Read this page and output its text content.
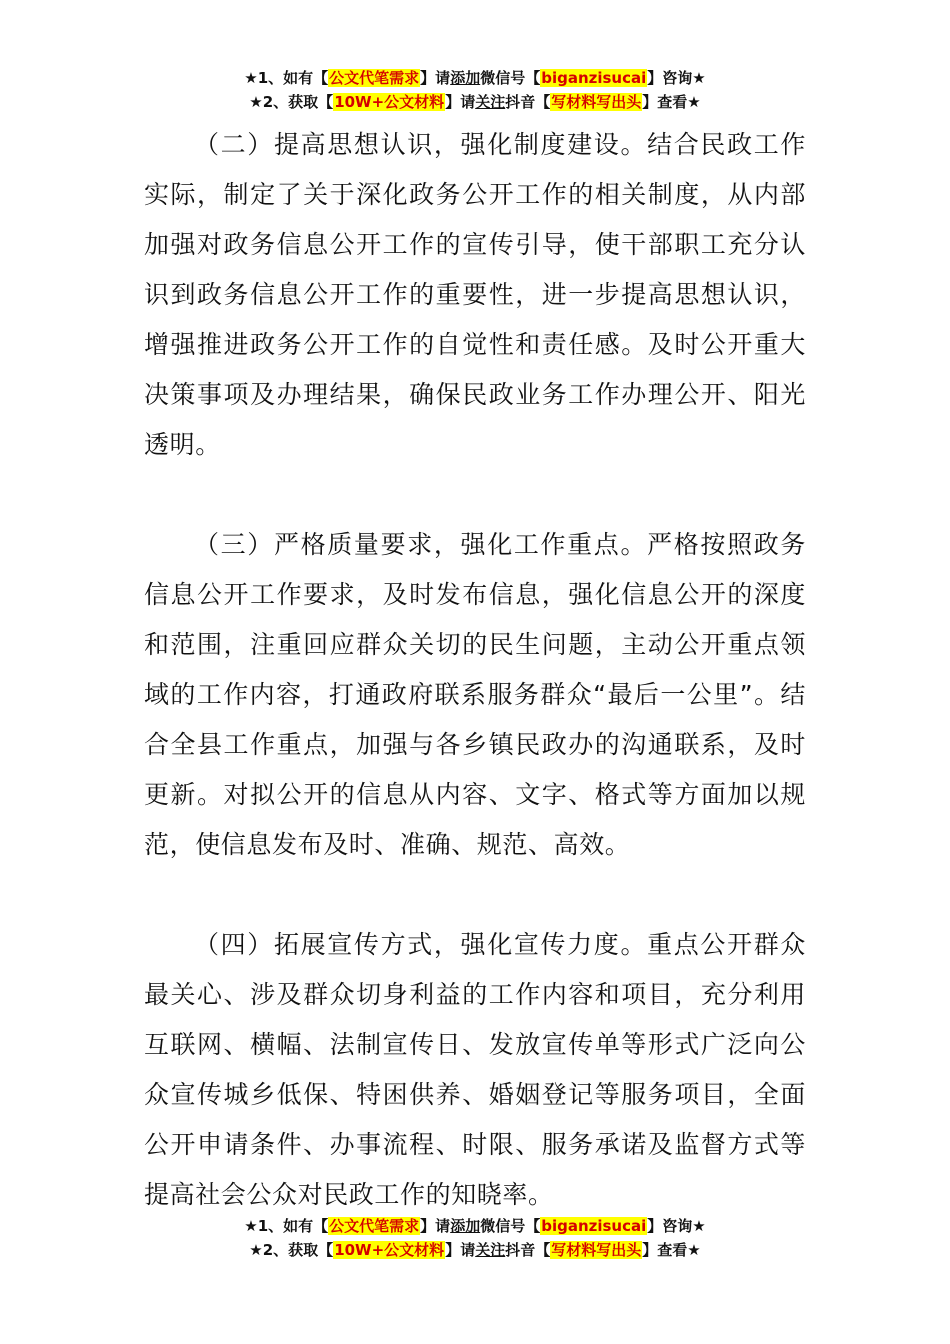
★1、如有【公文代笔需求】请添加微信号【biganzisucai】咨询★
★2、获取【10W+公文材料】请关注抖音【写材料写出头】查看★

（二）提高思想认识，强化制度建设。结合民政工作实际，制定了关于深化政务公开工作的相关制度，从内部加强对政务信息公开工作的宣传引导，使干部职工充分认识到政务信息公开工作的重要性，进一步提高思想认识，增强推进政务公开工作的自觉性和责任感。及时公开重大决策事项及办理结果，确保民政业务工作办理公开、阳光透明。

（三）严格质量要求，强化工作重点。严格按照政务信息公开工作要求，及时发布信息，强化信息公开的深度和范围，注重回应群众关切的民生问题，主动公开重点领域的工作内容，打通政府联系服务群众“最后一公里”。结合全县工作重点，加强与各乡镇民政办的沟通联系，及时更新。对拟公开的信息从内容、文字、格式等方面加以规范，使信息发布及时、准确、规范、高效。

（四）拓展宣传方式，强化宣传力度。重点公开群众最关心、涉及群众切身利益的工作内容和项目，充分利用互联网、横幅、法制宣传日、发放宣传单等形式广泛向公众宣传城乡低保、特困供养、婚姻登记等服务项目，全面公开申请条件、办事流程、时限、服务承诺及监督方式等提高社会公众对民政工作的知晓率。

★1、如有【公文代笔需求】请添加微信号【biganzisucai】咨询★
★2、获取【10W+公文材料】请关注抖音【写材料写出头】查看★
